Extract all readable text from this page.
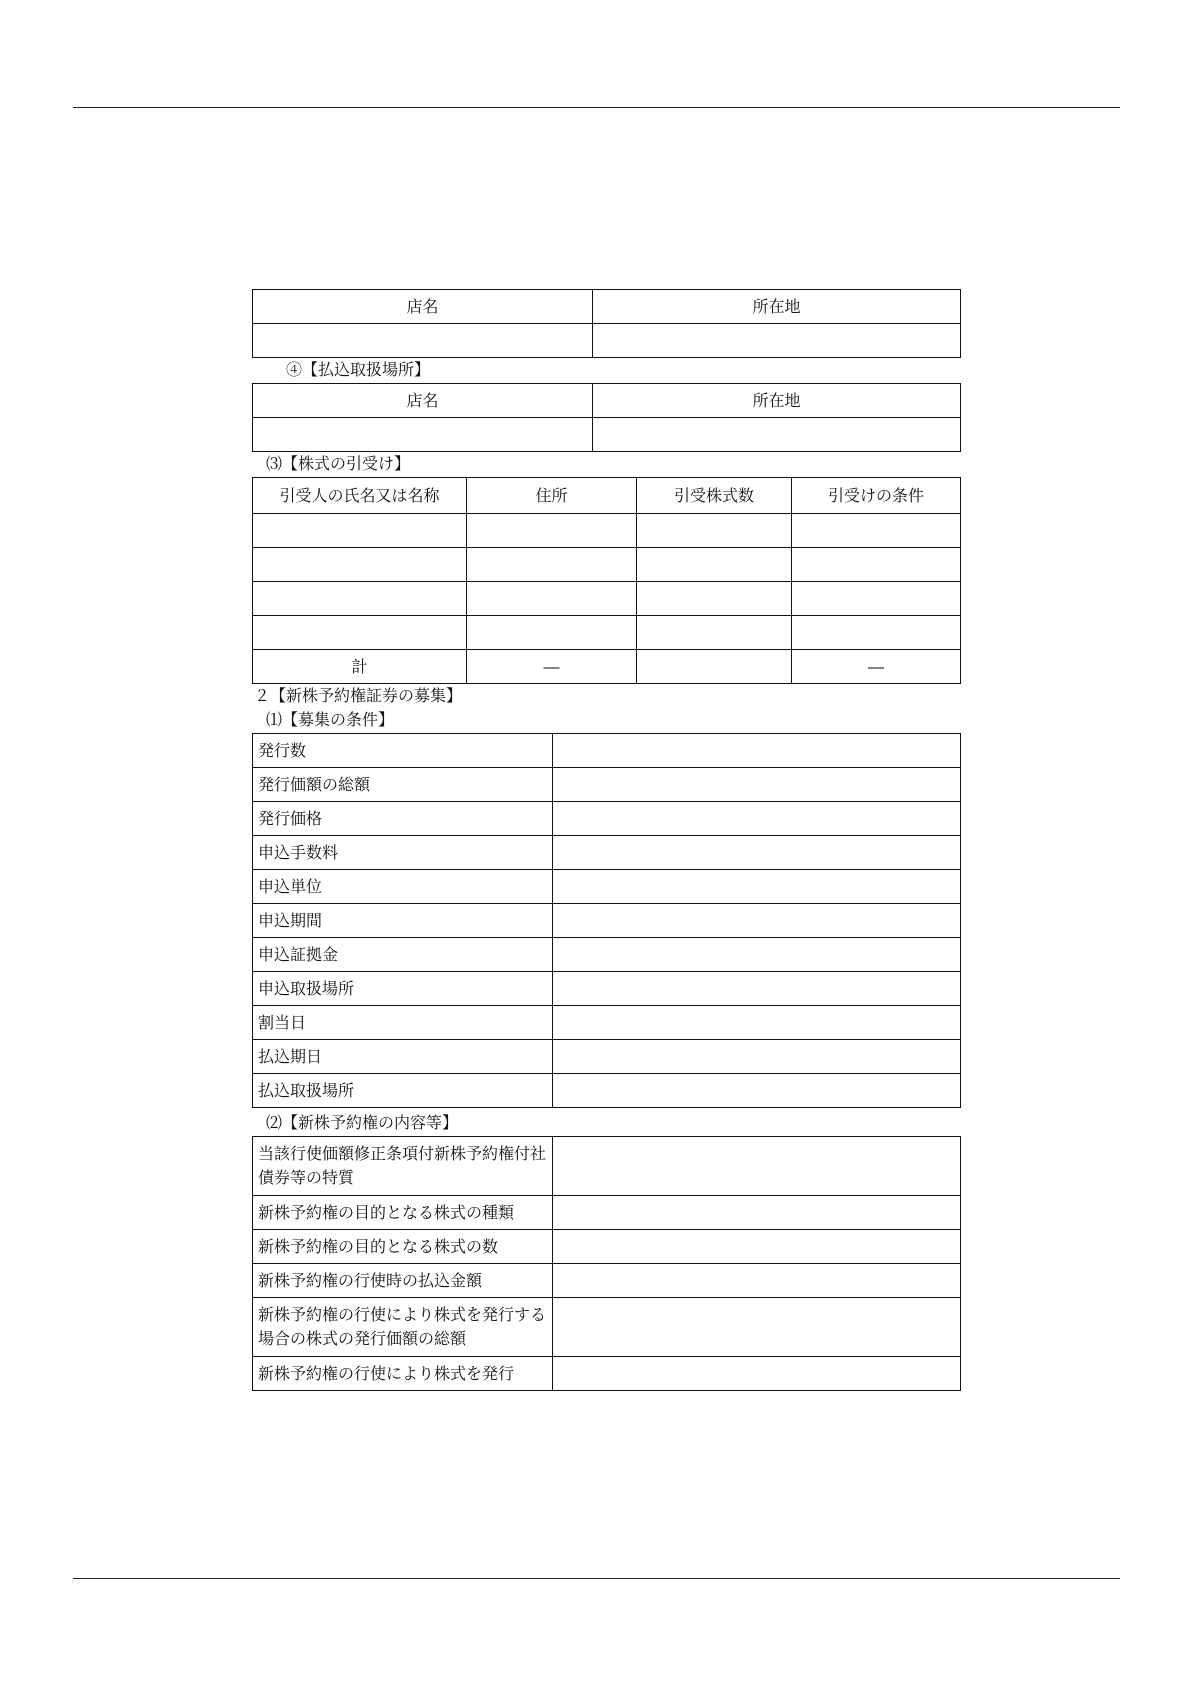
店名	所在地

④【払込取扱場所】
店名	所在地

⑶【株式の引受け】
引受人の氏名又は名称	住所	引受株式数	引受けの条件

計	―		―
２【新株予約権証券の募集】
⑴【募集の条件】
発行数	
発行価額の総額	
発行価格	
申込手数料	
申込単位	
申込期間	
申込証拠金	
申込取扱場所	
割当日	
払込期日	
払込取扱場所	
⑵【新株予約権の内容等】
当該行使価額修正条項付新株予約権付社債券等の特質	
新株予約権の目的となる株式の種類	
新株予約権の目的となる株式の数	
新株予約権の行使時の払込金額	
新株予約権の行使により株式を発行する場合の株式の発行価額の総額	
新株予約権の行使により株式を発行	
